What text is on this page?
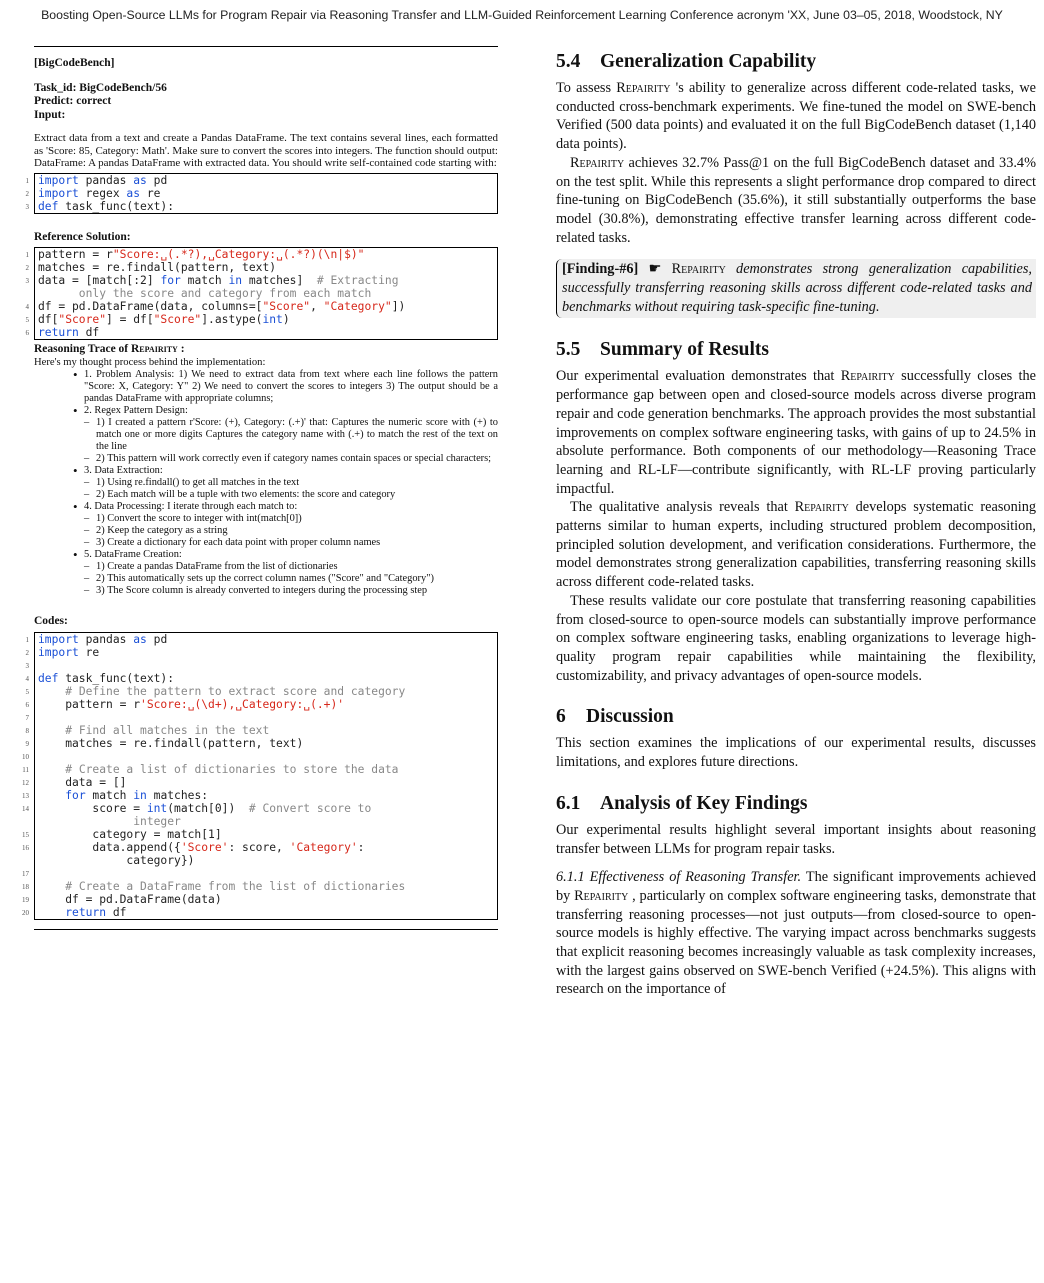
Boosting Open-Source LLMs for Program Repair via Reasoning Transfer and LLM-Guided Reinforcement Learning Conference acronym 'XX, June 03–05, 2018, Woodstock, NY
[BigCodeBench]
Task_id: BigCodeBench/56
Predict: correct
Input:
Extract data from a text and create a Pandas DataFrame. The text contains several lines, each formatted as 'Score: 85, Category: Math'. Make sure to convert the scores into integers. The function should output: DataFrame: A pandas DataFrame with extracted data. You should write self-contained code starting with:
1 import pandas as pd
2 import regex as re
3 def task_func(text):
Reference Solution:
1 pattern = r"Score:␣(.*?),␣Category:␣(.*?)(\n|$)"
2 matches = re.findall(pattern, text)
3 data = [match[:2] for match in matches]  # Extracting
only the score and category from each match
4 df = pd.DataFrame(data, columns=["Score", "Category"])
5 df["Score"] = df["Score"].astype(int)
6 return df
Reasoning Trace of Repairity :
Here's my thought process behind the implementation:
• 1. Problem Analysis: 1) We need to extract data from text where each line follows the pattern "Score: X, Category: Y" 2) We need to convert the scores to integers 3) The output should be a pandas DataFrame with appropriate columns;
• 2. Regex Pattern Design:
– 1) I created a pattern r'Score: (+), Category: (.+)' that: Captures the numeric score with (+) to match one or more digits Captures the category name with (.+) to match the rest of the text on the line
– 2) This pattern will work correctly even if category names contain spaces or special characters;
• 3. Data Extraction:
– 1) Using re.findall() to get all matches in the text
– 2) Each match will be a tuple with two elements: the score and category
• 4. Data Processing: I iterate through each match to:
– 1) Convert the score to integer with int(match[0])
– 2) Keep the category as a string
– 3) Create a dictionary for each data point with proper column names
• 5. DataFrame Creation:
– 1) Create a pandas DataFrame from the list of dictionaries
– 2) This automatically sets up the correct column names ("Score" and "Category")
– 3) The Score column is already converted to integers during the processing step
Codes:
1 import pandas as pd
2 import re
3

4 def task_func(text):
5	# Define the pattern to extract score and category
6 pattern = r'Score:␣(\d+),␣Category:␣(.+)'
7

8	# Find all matches in the text
9 matches = re.findall(pattern, text)
10

11	# Create a list of dictionaries to store the data
12 data = []
13	for match in matches:
14 score = int(match[0])  # Convert score to
integer
15 category = match[1]
16 data.append({'Score': score, 'Category':
category})
17

18	# Create a DataFrame from the list of dictionaries
19 df = pd.DataFrame(data)
20	return df
5.4 Generalization Capability

To assess Repairity 's ability to generalize across different code-related tasks, we conducted cross-benchmark experiments. We fine-tuned the model on SWE-bench Verified (500 data points) and evaluated it on the full BigCodeBench dataset (1,140 data points).

Repairity achieves 32.7% Pass@1 on the full BigCodeBench dataset and 33.4% on the test split. While this represents a slight performance drop compared to direct fine-tuning on BigCodeBench (35.6%), it still substantially outperforms the base model (30.8%), demonstrating effective transfer learning across different code-related tasks.

[Finding-#6] ☛ Repairity demonstrates strong generalization capabilities, successfully transferring reasoning skills across different code-related tasks and benchmarks without requiring task-specific fine-tuning.
5.5 Summary of Results

Our experimental evaluation demonstrates that Repairity successfully closes the performance gap between open and closed-source models across diverse program repair and code generation benchmarks. The approach provides the most substantial improvements on complex software engineering tasks, with gains of up to 24.5% in absolute performance. Both components of our methodology—Reasoning Trace learning and RL-LF—contribute significantly, with RL-LF proving particularly impactful.

The qualitative analysis reveals that Repairity develops systematic reasoning patterns similar to human experts, including structured problem decomposition, principled solution development, and verification considerations. Furthermore, the model demonstrates strong generalization capabilities, transferring reasoning skills across different code-related tasks.

These results validate our core postulate that transferring reasoning capabilities from closed-source to open-source models can substantially improve performance on complex software engineering tasks, enabling organizations to leverage high-quality program repair capabilities while maintaining the flexibility, customizability, and privacy advantages of open-source models.

6 Discussion

This section examines the implications of our experimental results, discusses limitations, and explores future directions.

6.1 Analysis of Key Findings

Our experimental results highlight several important insights about reasoning transfer between LLMs for program repair tasks.

6.1.1 Effectiveness of Reasoning Transfer. The significant improvements achieved by Repairity , particularly on complex software engineering tasks, demonstrate that transferring reasoning processes—not just outputs—from closed-source to open-source models is highly effective. The varying impact across benchmarks suggests that explicit reasoning becomes increasingly valuable as task complexity increases, with the largest gains observed on SWE-bench Verified (+24.5%). This aligns with research on the importance of
